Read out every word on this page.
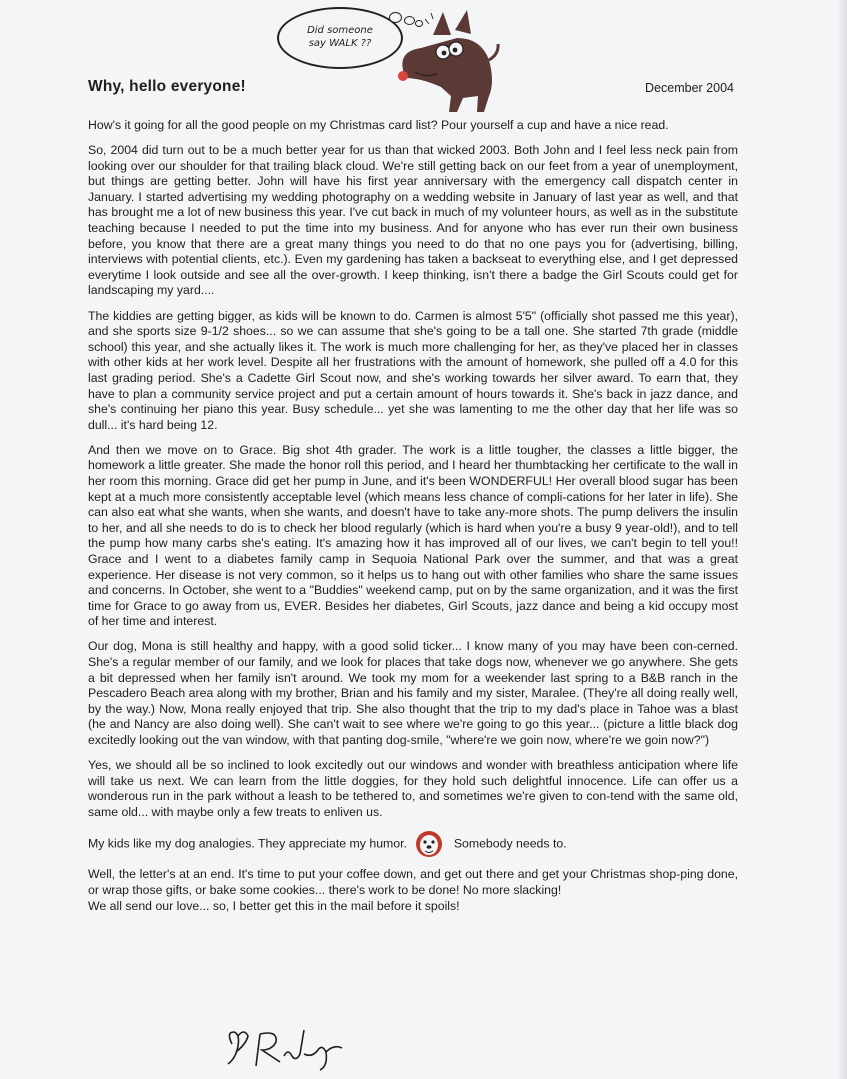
Did someone
say WALK ??
Why, hello everyone!	December 2004

How's it going for all the good people on my Christmas card list? Pour yourself a cup and have a nice read.

So, 2004 did turn out to be a much better year for us than that wicked 2003. Both John and I feel less neck pain from looking over our shoulder for that trailing black cloud. We're still getting back on our feet from a year of unemployment, but things are getting better. John will have his first year anniversary with the emergency call dispatch center in January. I started advertising my wedding photography on a wedding website in January of last year as well, and that has brought me a lot of new business this year. I've cut back in much of my volunteer hours, as well as in the substitute teaching because I needed to put the time into my business. And for anyone who has ever run their own business before, you know that there are a great many things you need to do that no one pays you for (advertising, billing, interviews with potential clients, etc.). Even my gardening has taken a backseat to everything else, and I get depressed everytime I look outside and see all the over-growth. I keep thinking, isn't there a badge the Girl Scouts could get for landscaping my yard....

The kiddies are getting bigger, as kids will be known to do. Carmen is almost 5'5" (officially shot passed me this year), and she sports size 9-1/2 shoes... so we can assume that she's going to be a tall one. She started 7th grade (middle school) this year, and she actually likes it. The work is much more challenging for her, as they've placed her in classes with other kids at her work level. Despite all her frustrations with the amount of homework, she pulled off a 4.0 for this last grading period. She's a Cadette Girl Scout now, and she's working towards her silver award. To earn that, they have to plan a community service project and put a certain amount of hours towards it. She's back in jazz dance, and she's continuing her piano this year. Busy schedule... yet she was lamenting to me the other day that her life was so dull... it's hard being 12.

And then we move on to Grace. Big shot 4th grader. The work is a little tougher, the classes a little bigger, the homework a little greater. She made the honor roll this period, and I heard her thumbtacking her certificate to the wall in her room this morning. Grace did get her pump in June, and it's been WONDERFUL! Her overall blood sugar has been kept at a much more consistently acceptable level (which means less chance of compli-cations for her later in life). She can also eat what she wants, when she wants, and doesn't have to take any-more shots. The pump delivers the insulin to her, and all she needs to do is to check her blood regularly (which is hard when you're a busy 9 year-old!), and to tell the pump how many carbs she's eating. It's amazing how it has improved all of our lives, we can't begin to tell you!! Grace and I went to a diabetes family camp in Sequoia National Park over the summer, and that was a great experience. Her disease is not very common, so it helps us to hang out with other families who share the same issues and concerns. In October, she went to a "Buddies" weekend camp, put on by the same organization, and it was the first time for Grace to go away from us, EVER. Besides her diabetes, Girl Scouts, jazz dance and being a kid occupy most of her time and interest.

Our dog, Mona is still healthy and happy, with a good solid ticker... I know many of you may have been con-cerned. She's a regular member of our family, and we look for places that take dogs now, whenever we go anywhere. She gets a bit depressed when her family isn't around. We took my mom for a weekender last spring to a B&B ranch in the Pescadero Beach area along with my brother, Brian and his family and my sister, Maralee. (They're all doing really well, by the way.) Now, Mona really enjoyed that trip. She also thought that the trip to my dad's place in Tahoe was a blast (he and Nancy are also doing well). She can't wait to see where we're going to go this year... (picture a little black dog excitedly looking out the van window, with that panting dog-smile, "where're we goin now, where're we goin now?")

Yes, we should all be so inclined to look excitedly out our windows and wonder with breathless anticipation where life will take us next. We can learn from the little doggies, for they hold such delightful innocence. Life can offer us a wonderous run in the park without a leash to be tethered to, and sometimes we're given to con-tend with the same old, same old... with maybe only a few treats to enliven us.

My kids like my dog analogies. They appreciate my humor.	Somebody needs to.

Well, the letter's at an end. It's time to put your coffee down, and get out there and get your Christmas shop-ping done, or wrap those gifts, or bake some cookies... there's work to be done! No more slacking!

We all send our love... so, I better get this in the mail before it spoils!
